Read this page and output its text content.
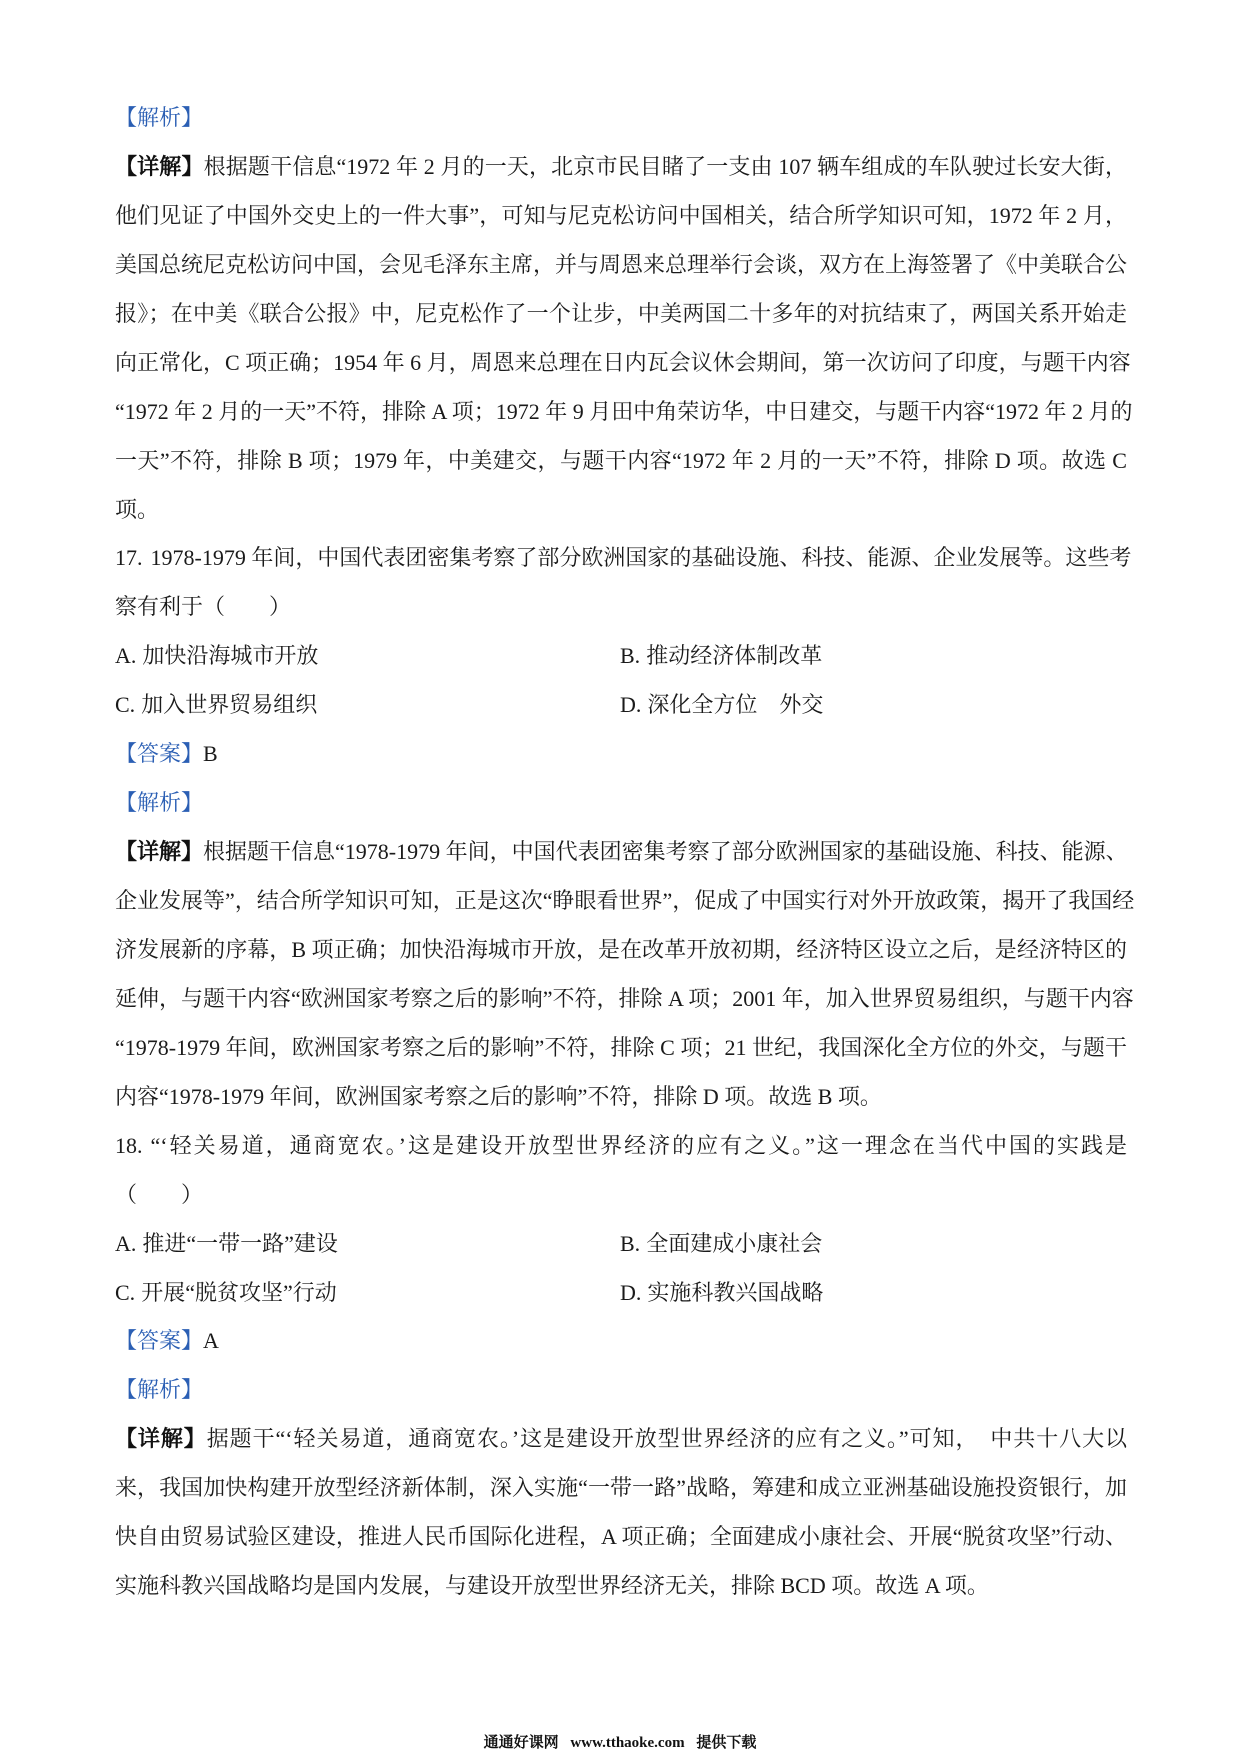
【解析】
【详解】根据题干信息“1972 年 2 月的一天，北京市民目睹了一支由 107 辆车组成的车队驶过长安大街，
他们见证了中国外交史上的一件大事”，可知与尼克松访问中国相关，结合所学知识可知，1972 年 2 月，
美国总统尼克松访问中国，会见毛泽东主席，并与周恩来总理举行会谈，双方在上海签署了《中美联合公
报》；在中美《联合公报》中，尼克松作了一个让步，中美两国二十多年的对抗结束了，两国关系开始走
向正常化，C 项正确；1954 年 6 月，周恩来总理在日内瓦会议休会期间，第一次访问了印度，与题干内容
“1972 年 2 月的一天”不符，排除 A 项；1972 年 9 月田中角荣访华，中日建交，与题干内容“1972 年 2 月的
一天”不符，排除 B 项；1979 年，中美建交，与题干内容“1972 年 2 月的一天”不符，排除 D 项。故选 C
项。
17. 1978-1979 年间，中国代表团密集考察了部分欧洲国家的基础设施、科技、能源、企业发展等。这些考
察有利于（　　）
A. 加快沿海城市开放	B. 推动经济体制改革
C. 加入世界贸易组织	D. 深化全方位　外交
【答案】B
【解析】
【详解】根据题干信息“1978-1979 年间，中国代表团密集考察了部分欧洲国家的基础设施、科技、能源、
企业发展等”，结合所学知识可知，正是这次“睁眼看世界”，促成了中国实行对外开放政策，揭开了我国经
济发展新的序幕，B 项正确；加快沿海城市开放，是在改革开放初期，经济特区设立之后，是经济特区的
延伸，与题干内容“欧洲国家考察之后的影响”不符，排除 A 项；2001 年，加入世界贸易组织，与题干内容
“1978-1979 年间，欧洲国家考察之后的影响”不符，排除 C 项；21 世纪，我国深化全方位的外交，与题干
内容“1978-1979 年间，欧洲国家考察之后的影响”不符，排除 D 项。故选 B 项。
18. “‘轻关易道，通商宽农。’这是建设开放型世界经济的应有之义。”这一理念在当代中国的实践是
（　　）
A. 推进“一带一路”建设	B. 全面建成小康社会
C. 开展“脱贫攻坚”行动	D. 实施科教兴国战略
【答案】A
【解析】
【详解】据题干“‘轻关易道，通商宽农。’这是建设开放型世界经济的应有之义。”可知，　中共十八大以
来，我国加快构建开放型经济新体制，深入实施“一带一路”战略，筹建和成立亚洲基础设施投资银行，加
快自由贸易试验区建设，推进人民币国际化进程，A 项正确；全面建成小康社会、开展“脱贫攻坚”行动、
实施科教兴国战略均是国内发展，与建设开放型世界经济无关，排除 BCD 项。故选 A 项。
通通好课网 www.tthaoke.com 提供下载
